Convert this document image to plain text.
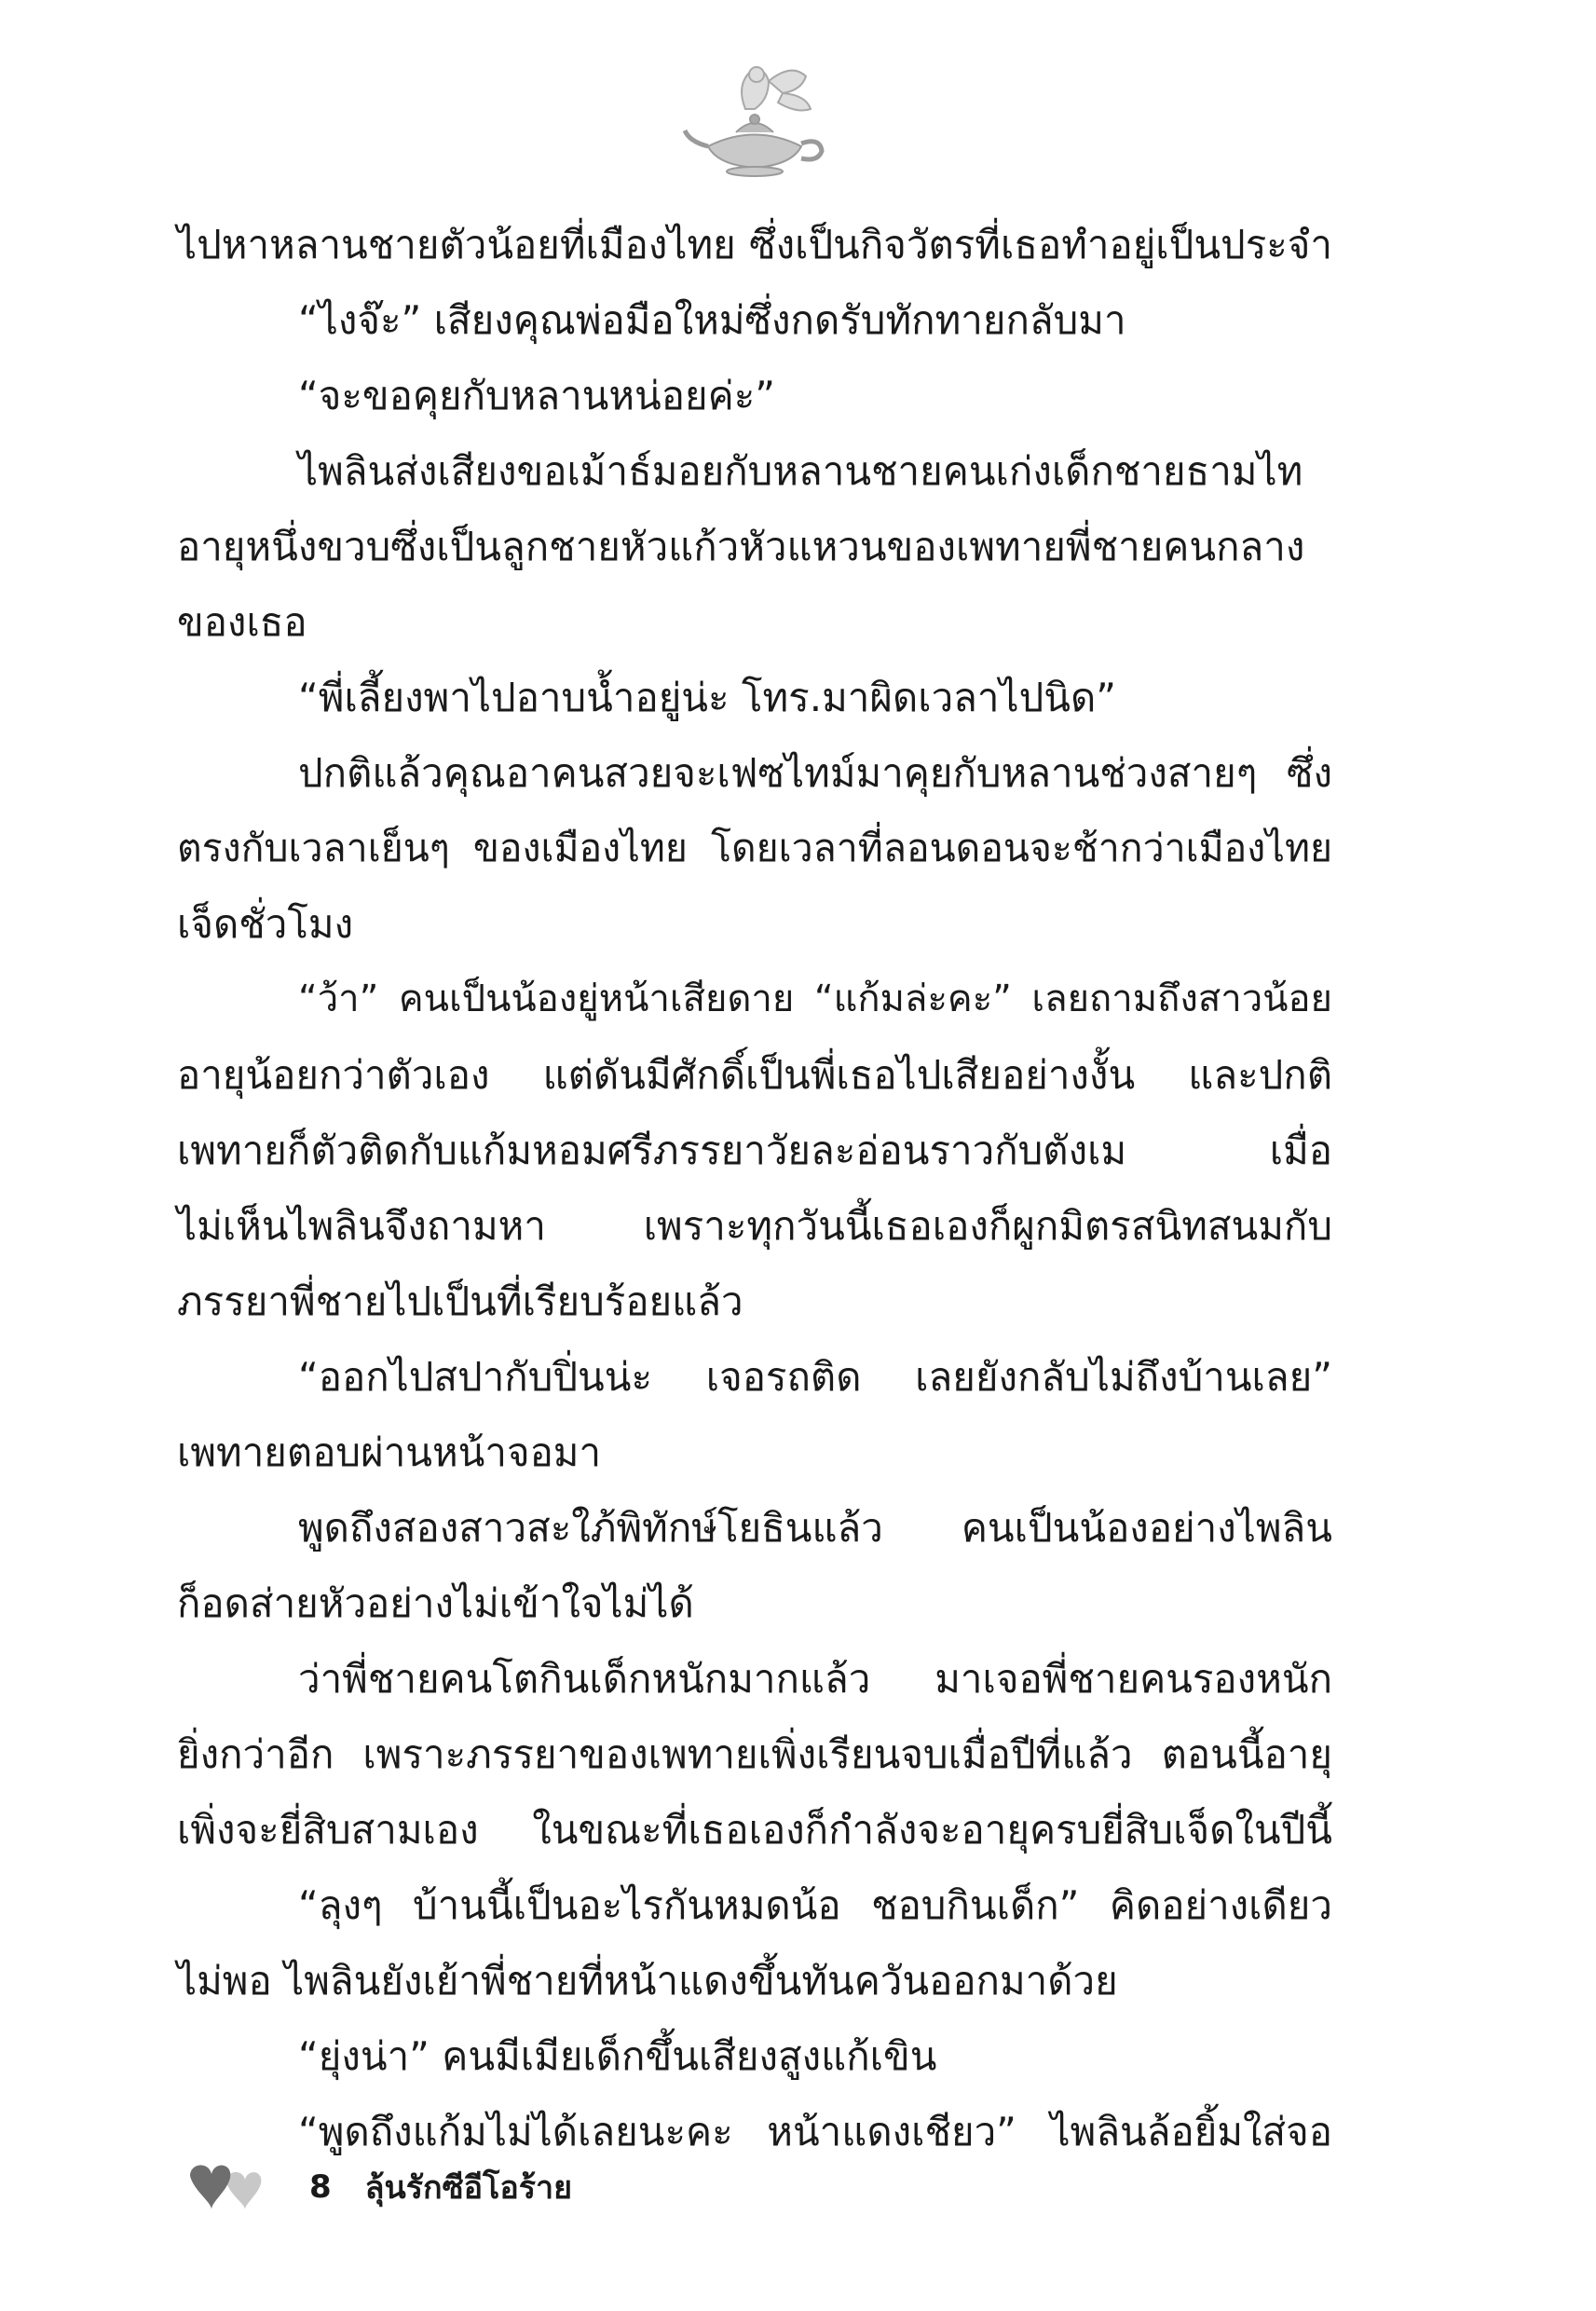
ไปหาหลานชายตัวน้อยที่เมืองไทย ซึ่งเป็นกิจวัตรที่เธอทำอยู่เป็นประจำ
“ไงจ๊ะ” เสียงคุณพ่อมือใหม่ซึ่งกดรับทักทายกลับมา
“จะขอคุยกับหลานหน่อยค่ะ”
ไพลินส่งเสียงขอเม้าธ์มอยกับหลานชายคนเก่งเด็กชายธามไท
อายุหนึ่งขวบซึ่งเป็นลูกชายหัวแก้วหัวแหวนของเพทายพี่ชายคนกลาง
ของเธอ
“พี่เลี้ยงพาไปอาบน้ำอยู่น่ะ โทร.มาผิดเวลาไปนิด”
ปกติแล้วคุณอาคนสวยจะเฟซไทม์มาคุยกับหลานช่วงสายๆ ซึ่ง
ตรงกับเวลาเย็นๆ ของเมืองไทย โดยเวลาที่ลอนดอนจะช้ากว่าเมืองไทย
เจ็ดชั่วโมง
“ว้า” คนเป็นน้องยู่หน้าเสียดาย “แก้มล่ะคะ” เลยถามถึงสาวน้อย
อายุน้อยกว่าตัวเอง แต่ดันมีศักดิ์เป็นพี่เธอไปเสียอย่างงั้น และปกติ
เพทายก็ตัวติดกับแก้มหอมศรีภรรยาวัยละอ่อนราวกับตังเม เมื่อ
ไม่เห็นไพลินจึงถามหา เพราะทุกวันนี้เธอเองก็ผูกมิตรสนิทสนมกับ
ภรรยาพี่ชายไปเป็นที่เรียบร้อยแล้ว
“ออกไปสปากับปิ่นน่ะ เจอรถติด เลยยังกลับไม่ถึงบ้านเลย”
เพทายตอบผ่านหน้าจอมา
พูดถึงสองสาวสะใภ้พิทักษ์โยธินแล้ว คนเป็นน้องอย่างไพลิน
ก็อดส่ายหัวอย่างไม่เข้าใจไม่ได้
ว่าพี่ชายคนโตกินเด็กหนักมากแล้ว มาเจอพี่ชายคนรองหนัก
ยิ่งกว่าอีก เพราะภรรยาของเพทายเพิ่งเรียนจบเมื่อปีที่แล้ว ตอนนี้อายุ
เพิ่งจะยี่สิบสามเอง ในขณะที่เธอเองก็กำลังจะอายุครบยี่สิบเจ็ดในปีนี้
“ลุงๆ บ้านนี้เป็นอะไรกันหมดน้อ ชอบกินเด็ก” คิดอย่างเดียว
ไม่พอ ไพลินยังเย้าพี่ชายที่หน้าแดงขึ้นทันควันออกมาด้วย
“ยุ่งน่า” คนมีเมียเด็กขึ้นเสียงสูงแก้เขิน
“พูดถึงแก้มไม่ได้เลยนะคะ หน้าแดงเชียว” ไพลินล้อยิ้มใส่จอ
8 ลุ้นรักซีอีโอร้าย
